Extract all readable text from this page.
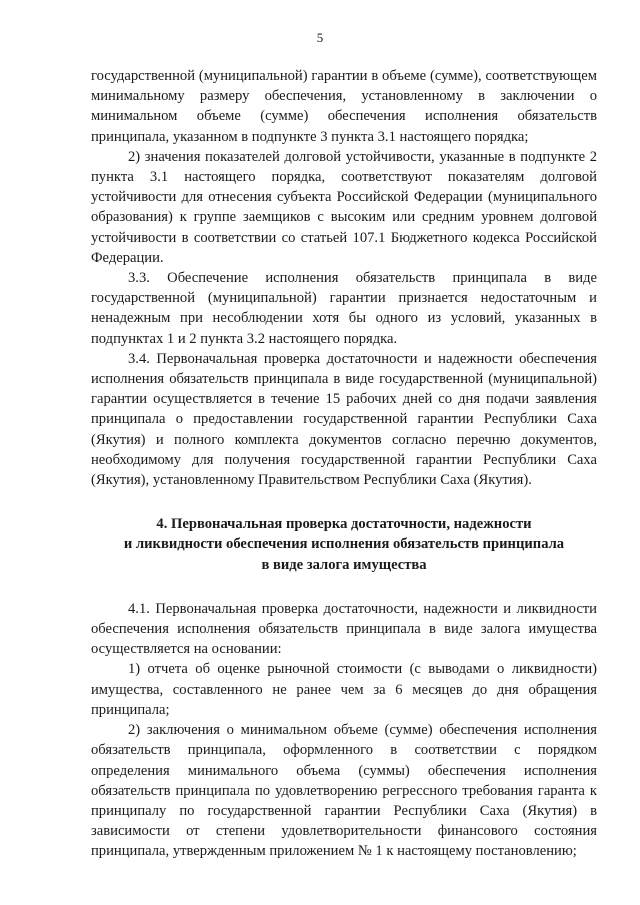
5

государственной (муниципальной) гарантии в объеме (сумме), соответствующем минимальному размеру обеспечения, установленному в заключении о минимальном объеме (сумме) обеспечения исполнения обязательств принципала, указанном в подпункте 3 пункта 3.1 настоящего порядка;

2) значения показателей долговой устойчивости, указанные в подпункте 2 пункта 3.1 настоящего порядка, соответствуют показателям долговой устойчивости для отнесения субъекта Российской Федерации (муниципального образования) к группе заемщиков с высоким или средним уровнем долговой устойчивости в соответствии со статьей 107.1 Бюджетного кодекса Российской Федерации.

3.3. Обеспечение исполнения обязательств принципала в виде государственной (муниципальной) гарантии признается недостаточным и ненадежным при несоблюдении хотя бы одного из условий, указанных в подпунктах 1 и 2 пункта 3.2 настоящего порядка.

3.4. Первоначальная проверка достаточности и надежности обеспечения исполнения обязательств принципала в виде государственной (муниципальной) гарантии осуществляется в течение 15 рабочих дней со дня подачи заявления принципала о предоставлении государственной гарантии Республики Саха (Якутия) и полного комплекта документов согласно перечню документов, необходимому для получения государственной гарантии Республики Саха (Якутия), установленному Правительством Республики Саха (Якутия).

4. Первоначальная проверка достаточности, надежности
и ликвидности обеспечения исполнения обязательств принципала
в виде залога имущества

4.1. Первоначальная проверка достаточности, надежности и ликвидности обеспечения исполнения обязательств принципала в виде залога имущества осуществляется на основании:

1) отчета об оценке рыночной стоимости (с выводами о ликвидности) имущества, составленного не ранее чем за 6 месяцев до дня обращения принципала;

2) заключения о минимальном объеме (сумме) обеспечения исполнения обязательств принципала, оформленного в соответствии с порядком определения минимального объема (суммы) обеспечения исполнения обязательств принципала по удовлетворению регрессного требования гаранта к принципалу по государственной гарантии Республики Саха (Якутия) в зависимости от степени удовлетворительности финансового состояния принципала, утвержденным приложением № 1 к настоящему постановлению;
